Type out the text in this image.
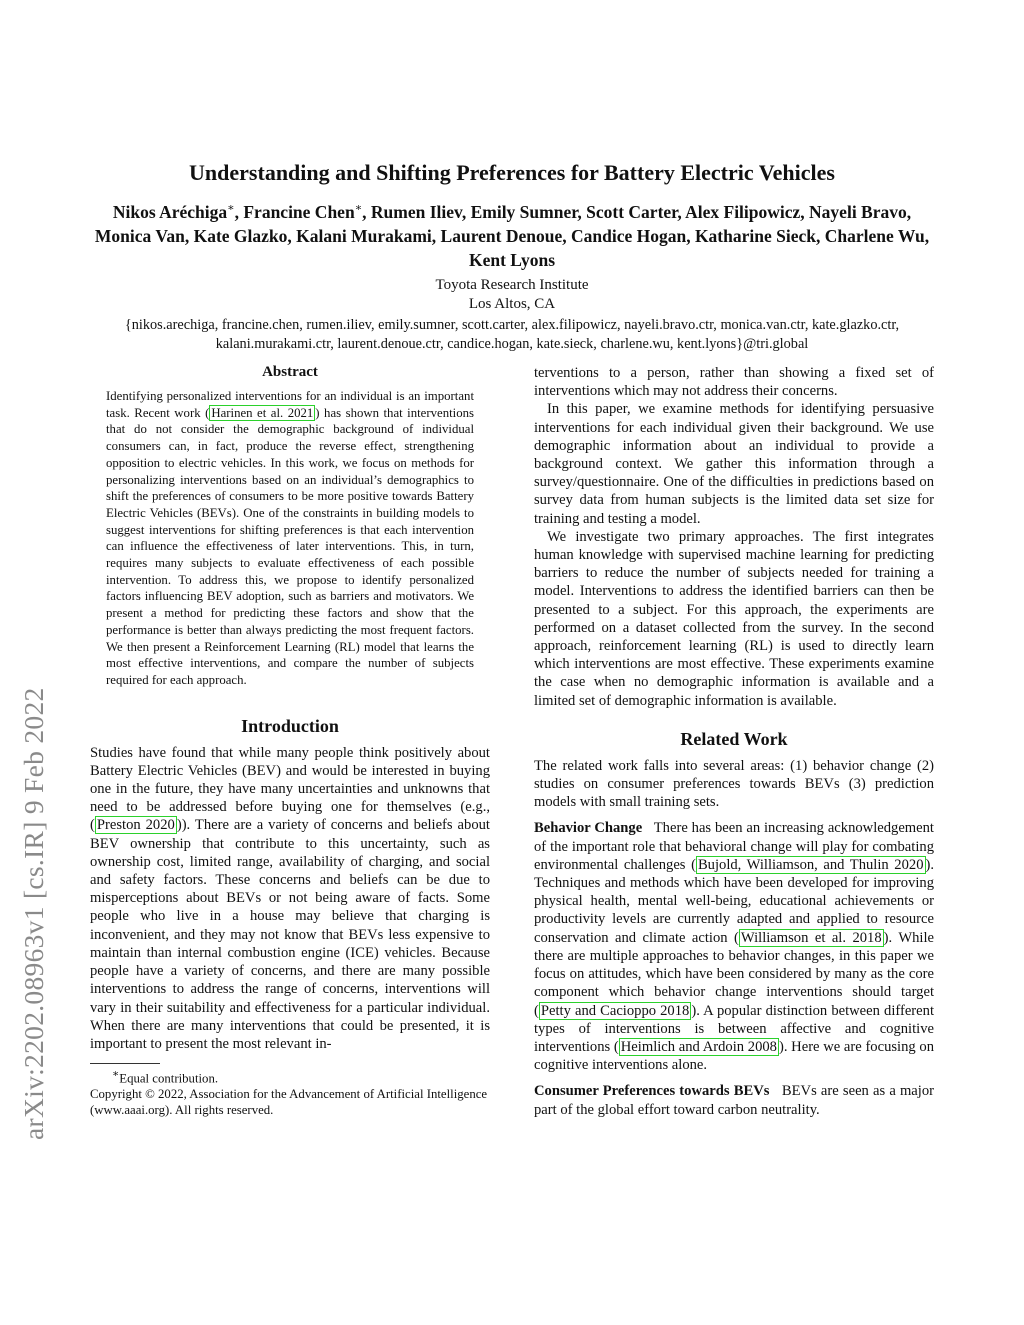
arXiv:2202.08963v1 [cs.IR] 9 Feb 2022
Understanding and Shifting Preferences for Battery Electric Vehicles

Nikos Aréchiga∗, Francine Chen∗, Rumen Iliev, Emily Sumner, Scott Carter, Alex Filipowicz, Nayeli Bravo, Monica Van, Kate Glazko, Kalani Murakami, Laurent Denoue, Candice Hogan, Katharine Sieck, Charlene Wu, Kent Lyons

Toyota Research Institute

Los Altos, CA

{nikos.arechiga, francine.chen, rumen.iliev, emily.sumner, scott.carter, alex.filipowicz, nayeli.bravo.ctr, monica.van.ctr, kate.glazko.ctr, kalani.murakami.ctr, laurent.denoue.ctr, candice.hogan, kate.sieck, charlene.wu, kent.lyons}@tri.global

Abstract

Identifying personalized interventions for an individual is an important task. Recent work ( Harinen et al. 2021 ) has shown that interventions that do not consider the demographic background of individual consumers can, in fact, produce the reverse effect, strengthening opposition to electric vehicles. In this work, we focus on methods for personalizing interventions based on an individual’s demographics to shift the preferences of consumers to be more positive towards Battery Electric Vehicles (BEVs). One of the constraints in building models to suggest interventions for shifting preferences is that each intervention can influence the effectiveness of later interventions. This, in turn, requires many subjects to evaluate effectiveness of each possible intervention. To address this, we propose to identify personalized factors influencing BEV adoption, such as barriers and motivators. We present a method for predicting these factors and show that the performance is better than always predicting the most frequent factors. We then present a Reinforcement Learning (RL) model that learns the most effective interventions, and compare the number of subjects required for each approach.

Introduction

Studies have found that while many people think positively about Battery Electric Vehicles (BEV) and would be interested in buying one in the future, they have many uncertainties and unknowns that need to be addressed before buying one for themselves (e.g., ( Preston 2020 )). There are a variety of concerns and beliefs about BEV ownership that contribute to this uncertainty, such as ownership cost, limited range, availability of charging, and social and safety factors. These concerns and beliefs can be due to misperceptions about BEVs or not being aware of facts. Some people who live in a house may believe that charging is inconvenient, and they may not know that BEVs less expensive to maintain than internal combustion engine (ICE) vehicles. Because people have a variety of concerns, and there are many possible interventions to address the range of concerns, interventions will vary in their suitability and effectiveness for a particular individual. When there are many interventions that could be presented, it is important to present the most relevant in-

∗Equal contribution.

Copyright © 2022, Association for the Advancement of Artificial Intelligence (www.aaai.org). All rights reserved.

terventions to a person, rather than showing a fixed set of interventions which may not address their concerns.

In this paper, we examine methods for identifying persuasive interventions for each individual given their background. We use demographic information about an individual to provide a background context. We gather this information through a survey/questionnaire. One of the difficulties in predictions based on survey data from human subjects is the limited data set size for training and testing a model.

We investigate two primary approaches. The first integrates human knowledge with supervised machine learning for predicting barriers to reduce the number of subjects needed for training a model. Interventions to address the identified barriers can then be presented to a subject. For this approach, the experiments are performed on a dataset collected from the survey. In the second approach, reinforcement learning (RL) is used to directly learn which interventions are most effective. These experiments examine the case when no demographic information is available and a limited set of demographic information is available.

Related Work

The related work falls into several areas: (1) behavior change (2) studies on consumer preferences towards BEVs (3) prediction models with small training sets.

Behavior Change There has been an increasing acknowledgement of the important role that behavioral change will play for combating environmental challenges ( Bujold, Williamson, and Thulin 2020 ). Techniques and methods which have been developed for improving physical health, mental well-being, educational achievements or productivity levels are currently adapted and applied to resource conservation and climate action ( Williamson et al. 2018 ). While there are multiple approaches to behavior changes, in this paper we focus on attitudes, which have been considered by many as the core component which behavior change interventions should target ( Petty and Cacioppo 2018 ). A popular distinction between different types of interventions is between affective and cognitive interventions ( Heimlich and Ardoin 2008 ). Here we are focusing on cognitive interventions alone.

Consumer Preferences towards BEVs BEVs are seen as a major part of the global effort toward carbon neutrality.
